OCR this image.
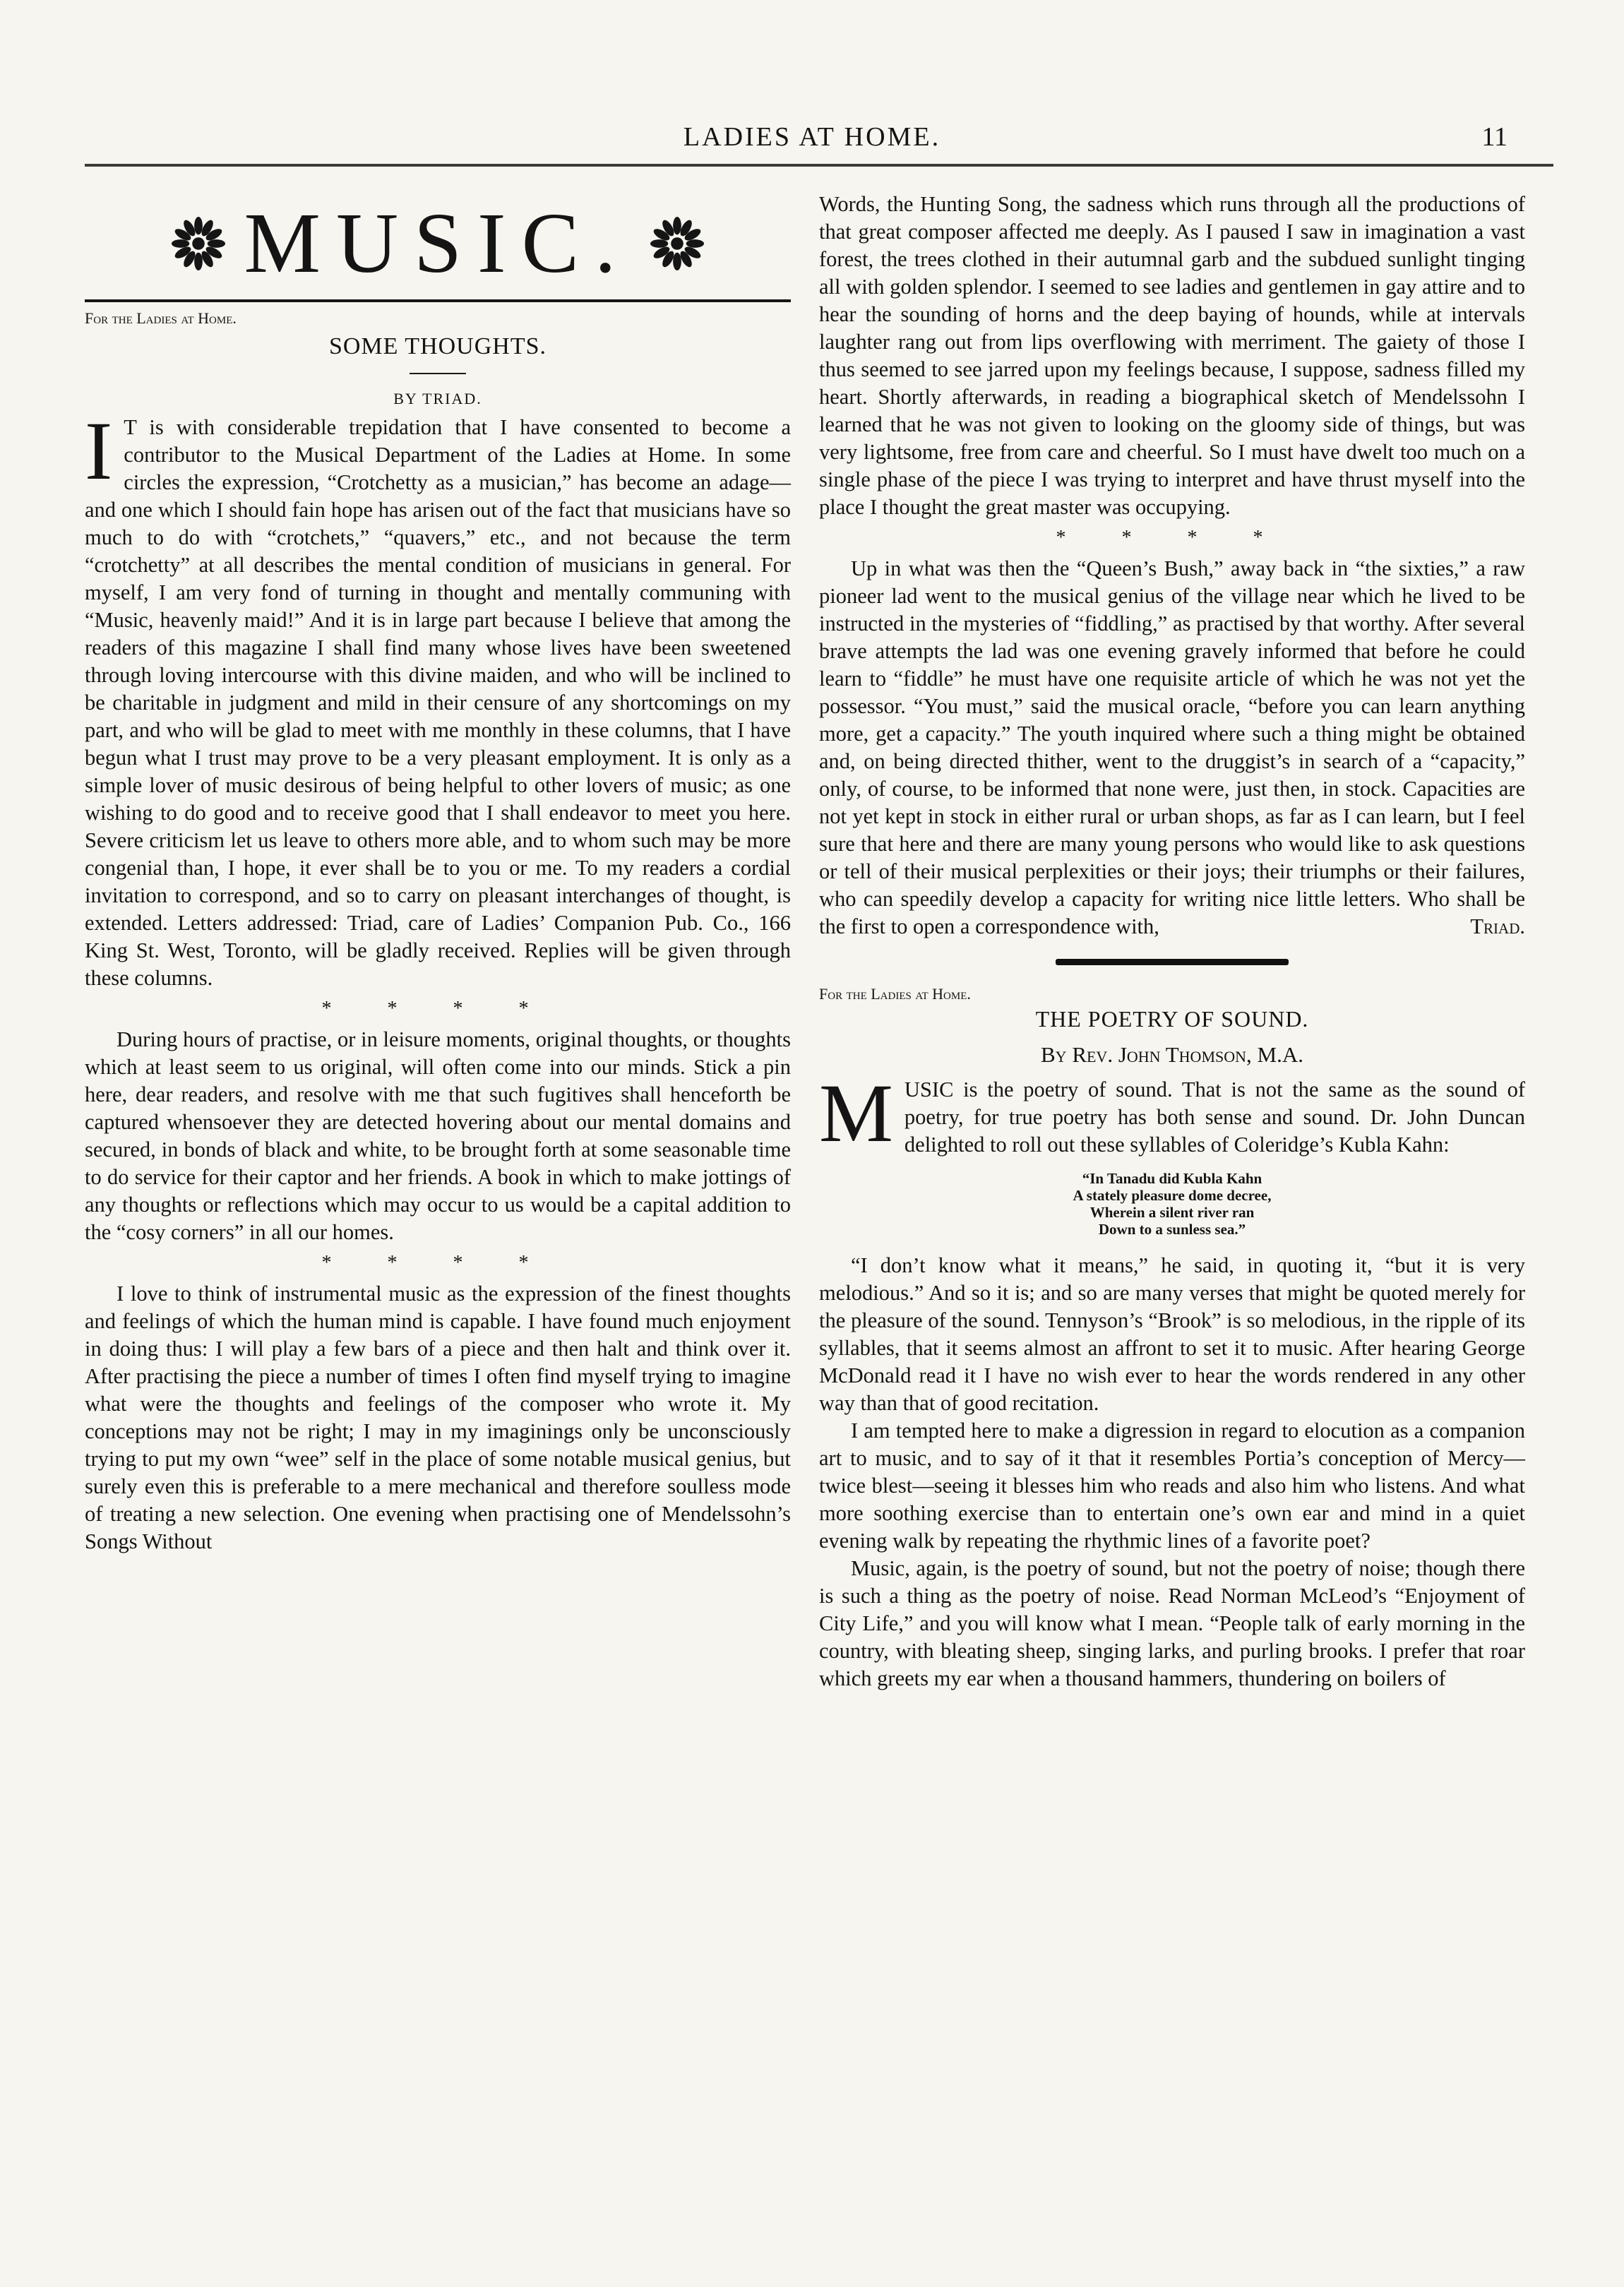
LADIES AT HOME.	11
MUSIC.
For the Ladies at Home.
SOME THOUGHTS.
BY TRIAD.

I T is with considerable trepidation that I have consented to become a contributor to the Musical Department of the Ladies at Home. In some circles the expression, “Crotchetty as a musician,” has become an adage—and one which I should fain hope has arisen out of the fact that musicians have so much to do with “crotchets,” “quavers,” etc., and not because the term “crotchetty” at all describes the mental condition of musicians in general. For myself, I am very fond of turning in thought and mentally communing with “Music, heavenly maid!” And it is in large part because I believe that among the readers of this magazine I shall find many whose lives have been sweetened through loving intercourse with this divine maiden, and who will be inclined to be charitable in judgment and mild in their censure of any shortcomings on my part, and who will be glad to meet with me monthly in these columns, that I have begun what I trust may prove to be a very pleasant employment. It is only as a simple lover of music desirous of being helpful to other lovers of music; as one wishing to do good and to receive good that I shall endeavor to meet you here. Severe criticism let us leave to others more able, and to whom such may be more congenial than, I hope, it ever shall be to you or me. To my readers a cordial invitation to correspond, and so to carry on pleasant interchanges of thought, is extended. Letters addressed: Triad, care of Ladies’ Companion Pub. Co., 166 King St. West, Toronto, will be gladly received. Replies will be given through these columns.

* * * *

During hours of practise, or in leisure moments, original thoughts, or thoughts which at least seem to us original, will often come into our minds. Stick a pin here, dear readers, and resolve with me that such fugitives shall henceforth be captured whensoever they are detected hovering about our mental domains and secured, in bonds of black and white, to be brought forth at some seasonable time to do service for their captor and her friends. A book in which to make jottings of any thoughts or reflections which may occur to us would be a capital addition to the “cosy corners” in all our homes.

* * * *

I love to think of instrumental music as the expression of the finest thoughts and feelings of which the human mind is capable. I have found much enjoyment in doing thus: I will play a few bars of a piece and then halt and think over it. After practising the piece a number of times I often find myself trying to imagine what were the thoughts and feelings of the composer who wrote it. My conceptions may not be right; I may in my imaginings only be unconsciously trying to put my own “wee” self in the place of some notable musical genius, but surely even this is preferable to a mere mechanical and therefore soulless mode of treating a new selection. One evening when practising one of Mendelssohn’s Songs Without

Words, the Hunting Song, the sadness which runs through all the productions of that great composer affected me deeply. As I paused I saw in imagination a vast forest, the trees clothed in their autumnal garb and the subdued sunlight tinging all with golden splendor. I seemed to see ladies and gentlemen in gay attire and to hear the sounding of horns and the deep baying of hounds, while at intervals laughter rang out from lips overflowing with merriment. The gaiety of those I thus seemed to see jarred upon my feelings because, I suppose, sadness filled my heart. Shortly afterwards, in reading a biographical sketch of Mendelssohn I learned that he was not given to looking on the gloomy side of things, but was very lightsome, free from care and cheerful. So I must have dwelt too much on a single phase of the piece I was trying to interpret and have thrust myself into the place I thought the great master was occupying.

* * * *

Up in what was then the “Queen’s Bush,” away back in “the sixties,” a raw pioneer lad went to the musical genius of the village near which he lived to be instructed in the mysteries of “fiddling,” as practised by that worthy. After several brave attempts the lad was one evening gravely informed that before he could learn to “fiddle” he must have one requisite article of which he was not yet the possessor. “You must,” said the musical oracle, “before you can learn anything more, get a capacity.” The youth inquired where such a thing might be obtained and, on being directed thither, went to the druggist’s in search of a “capacity,” only, of course, to be informed that none were, just then, in stock. Capacities are not yet kept in stock in either rural or urban shops, as far as I can learn, but I feel sure that here and there are many young persons who would like to ask questions or tell of their musical perplexities or their joys; their triumphs or their failures, who can speedily develop a capacity for writing nice little letters. Who shall be the first to open a correspondence with,	Triad.

For the Ladies at Home.
THE POETRY OF SOUND.
By Rev. John Thomson, M.A.

MUSIC is the poetry of sound. That is not the same as the sound of poetry, for true poetry has both sense and sound. Dr. John Duncan delighted to roll out these syllables of Coleridge’s Kubla Kahn:

“In Tanadu did Kubla Kahn
A stately pleasure dome decree,
Wherein a silent river ran
Down to a sunless sea.”

“I don’t know what it means,” he said, in quoting it, “but it is very melodious.” And so it is; and so are many verses that might be quoted merely for the pleasure of the sound. Tennyson’s “Brook” is so melodious, in the ripple of its syllables, that it seems almost an affront to set it to music. After hearing George McDonald read it I have no wish ever to hear the words rendered in any other way than that of good recitation.

I am tempted here to make a digression in regard to elocution as a companion art to music, and to say of it that it resembles Portia’s conception of Mercy—twice blest—seeing it blesses him who reads and also him who listens. And what more soothing exercise than to entertain one’s own ear and mind in a quiet evening walk by repeating the rhythmic lines of a favorite poet?

Music, again, is the poetry of sound, but not the poetry of noise; though there is such a thing as the poetry of noise. Read Norman McLeod’s “Enjoyment of City Life,” and you will know what I mean. “People talk of early morning in the country, with bleating sheep, singing larks, and purling brooks. I prefer that roar which greets my ear when a thousand hammers, thundering on boilers of
